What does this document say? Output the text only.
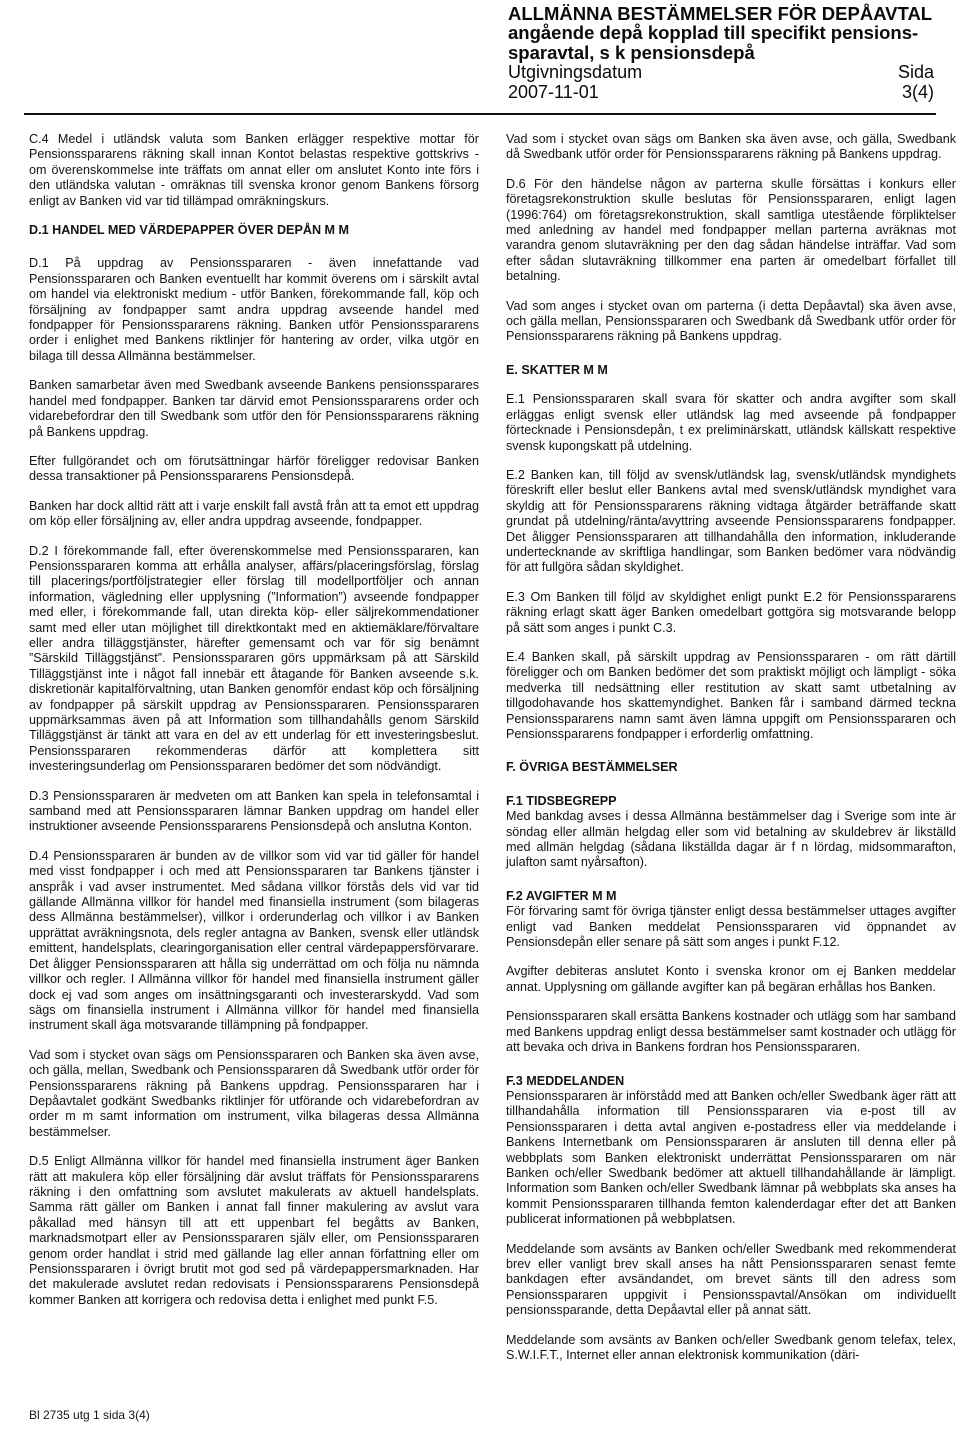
ALLMÄNNA BESTÄMMELSER FÖR DEPÅAVTAL
angående depå kopplad till specifikt pensions-
sparavtal, s k pensionsdepå
Utgivningsdatum	Sida
2007-11-01	3(4)

C.4 Medel i utländsk valuta som Banken erlägger respektive mottar för Pensionsspararens räkning skall innan Kontot belastas respektive gottskrivs - om överenskommelse inte träffats om annat eller om anslutet Konto inte förs i den utländska valutan - omräknas till svenska kronor genom Bankens försorg enligt av Banken vid var tid tillämpad omräkningskurs.

D.1 HANDEL MED VÄRDEPAPPER ÖVER DEPÅN M M

D.1 På uppdrag av Pensionsspararen - även innefattande vad Pensionsspararen och Banken eventuellt har kommit överens om i särskilt avtal om handel via elektroniskt medium - utför Banken, förekommande fall, köp och försäljning av fondpapper samt andra uppdrag avseende handel med fondpapper för Pensionsspararens räkning. Banken utför Pensionsspararens order i enlighet med Bankens riktlinjer för hantering av order, vilka utgör en bilaga till dessa Allmänna bestämmelser.

Banken samarbetar även med Swedbank avseende Bankens pensionssparares handel med fondpapper. Banken tar därvid emot Pensionsspararens order och vidarebefordrar den till Swedbank som utför den för Pensionsspararens räkning på Bankens uppdrag.

Efter fullgörandet och om förutsättningar härför föreligger redovisar Banken dessa transaktioner på Pensionsspararens Pensionsdepå.

Banken har dock alltid rätt att i varje enskilt fall avstå från att ta emot ett uppdrag om köp eller försäljning av, eller andra uppdrag avseende, fondpapper.

D.2 I förekommande fall, efter överenskommelse med Pensionsspararen, kan Pensionsspararen komma att erhålla analyser, affärs/placeringsförslag, förslag till placerings/portföljstrategier eller förslag till modellportföljer och annan information, vägledning eller upplysning (”Information”) avseende fondpapper med eller, i förekommande fall, utan direkta köp- eller säljrekommendationer samt med eller utan möjlighet till direktkontakt med en aktiemäklare/förvaltare eller andra tilläggstjänster, härefter gemensamt och var för sig benämnt ”Särskild Tilläggstjänst”. Pensionsspararen görs uppmärksam på att Särskild Tilläggstjänst inte i något fall innebär ett åtagande för Banken avseende s.k. diskretionär kapitalförvaltning, utan Banken genomför endast köp och försäljning av fondpapper på särskilt uppdrag av Pensionsspararen. Pensionsspararen uppmärksammas även på att Information som tillhandahålls genom Särskild Tilläggstjänst är tänkt att vara en del av ett underlag för ett investeringsbeslut. Pensionsspararen rekommenderas därför att komplettera sitt investeringsunderlag om Pensionsspararen bedömer det som nödvändigt.

D.3 Pensionsspararen är medveten om att Banken kan spela in telefonsamtal i samband med att Pensionsspararen lämnar Banken uppdrag om handel eller instruktioner avseende Pensionsspararens Pensionsdepå och anslutna Konton.

D.4 Pensionsspararen är bunden av de villkor som vid var tid gäller för handel med visst fondpapper i och med att Pensionsspararen tar Bankens tjänster i anspråk i vad avser instrumentet. Med sådana villkor förstås dels vid var tid gällande Allmänna villkor för handel med finansiella instrument (som bilageras dess Allmänna bestämmelser), villkor i orderunderlag och villkor i av Banken upprättat avräkningsnota, dels regler antagna av Banken, svensk eller utländsk emittent, handelsplats, clearingorganisation eller central värdepappersförvarare. Det åligger Pensionsspararen att hålla sig underrättad om och följa nu nämnda villkor och regler. I Allmänna villkor för handel med finansiella instrument gäller dock ej vad som anges om insättningsgaranti och investerarskydd. Vad som sägs om finansiella instrument i Allmänna villkor för handel med finansiella instrument skall äga motsvarande tillämpning på fondpapper.

Vad som i stycket ovan sägs om Pensionsspararen och Banken ska även avse, och gälla, mellan, Swedbank och Pensionsspararen då Swedbank utför order för Pensionsspararens räkning på Bankens uppdrag. Pensionsspararen har i Depåavtalet godkänt Swedbanks riktlinjer för utförande och vidarebefordran av order m m samt information om instrument, vilka bilageras dessa Allmänna bestämmelser.

D.5 Enligt Allmänna villkor för handel med finansiella instrument äger Banken rätt att makulera köp eller försäljning där avslut träffats för Pensionsspararens räkning i den omfattning som avslutet makulerats av aktuell handelsplats. Samma rätt gäller om Banken i annat fall finner makulering av avslut vara påkallad med hänsyn till att ett uppenbart fel begåtts av Banken, marknadsmotpart eller av Pensionsspararen själv eller, om Pensionsspararen genom order handlat i strid med gällande lag eller annan författning eller om Pensionsspararen i övrigt brutit mot god sed på värdepappersmarknaden. Har det makulerade avslutet redan redovisats i Pensionsspararens Pensionsdepå kommer Banken att korrigera och redovisa detta i enlighet med punkt F.5.

Vad som i stycket ovan sägs om Banken ska även avse, och gälla, Swedbank då Swedbank utför order för Pensionsspararens räkning på Bankens uppdrag.

D.6 För den händelse någon av parterna skulle försättas i konkurs eller företagsrekonstruktion skulle beslutas för Pensionsspararen, enligt lagen (1996:764) om företagsrekonstruktion, skall samtliga utestående förpliktelser med anledning av handel med fondpapper mellan parterna avräknas mot varandra genom slutavräkning per den dag sådan händelse inträffar. Vad som efter sådan slutavräkning tillkommer ena parten är omedelbart förfallet till betalning.

Vad som anges i stycket ovan om parterna (i detta Depåavtal) ska även avse, och gälla mellan, Pensionsspararen och Swedbank då Swedbank utför order för Pensionsspararens räkning på Bankens uppdrag.

E. SKATTER M M

E.1 Pensionsspararen skall svara för skatter och andra avgifter som skall erläggas enligt svensk eller utländsk lag med avseende på fondpapper förtecknade i Pensionsdepån, t ex preliminärskatt, utländsk källskatt respektive svensk kupongskatt på utdelning.

E.2 Banken kan, till följd av svensk/utländsk lag, svensk/utländsk myndighets föreskrift eller beslut eller Bankens avtal med svensk/utländsk myndighet vara skyldig att för Pensionsspararens räkning vidtaga åtgärder beträffande skatt grundat på utdelning/ränta/avyttring avseende Pensionsspararens fondpapper. Det åligger Pensionsspararen att tillhandahålla den information, inkluderande undertecknande av skriftliga handlingar, som Banken bedömer vara nödvändig för att fullgöra sådan skyldighet.

E.3 Om Banken till följd av skyldighet enligt punkt E.2 för Pensionsspararens räkning erlagt skatt äger Banken omedelbart gottgöra sig motsvarande belopp på sätt som anges i punkt C.3.

E.4 Banken skall, på särskilt uppdrag av Pensionsspararen - om rätt därtill föreligger och om Banken bedömer det som praktiskt möjligt och lämpligt - söka medverka till nedsättning eller restitution av skatt samt utbetalning av tillgodohavande hos skattemyndighet. Banken får i samband därmed teckna Pensionsspararens namn samt även lämna uppgift om Pensionsspararen och Pensionsspararens fondpapper i erforderlig omfattning.

F. ÖVRIGA BESTÄMMELSER
F.1 TIDSBEGREPP

Med bankdag avses i dessa Allmänna bestämmelser dag i Sverige som inte är söndag eller allmän helgdag eller som vid betalning av skuldebrev är likställd med allmän helgdag (sådana likställda dagar är f n lördag, midsommarafton, julafton samt nyårsafton).

F.2 AVGIFTER M M

För förvaring samt för övriga tjänster enligt dessa bestämmelser uttages avgifter enligt vad Banken meddelat Pensionsspararen vid öppnandet av Pensionsdepån eller senare på sätt som anges i punkt F.12.

Avgifter debiteras anslutet Konto i svenska kronor om ej Banken meddelar annat. Upplysning om gällande avgifter kan på begäran erhållas hos Banken.

Pensionsspararen skall ersätta Bankens kostnader och utlägg som har samband med Bankens uppdrag enligt dessa bestämmelser samt kostnader och utlägg för att bevaka och driva in Bankens fordran hos Pensionsspararen.

F.3 MEDDELANDEN

Pensionsspararen är införstådd med att Banken och/eller Swedbank äger rätt att tillhandahålla information till Pensionsspararen via e-post till av Pensionsspararen i detta avtal angiven e-postadress eller via meddelande i Bankens Internetbank om Pensionsspararen är ansluten till denna eller på webbplats som Banken elektroniskt underrättat Pensionsspararen om när Banken och/eller Swedbank bedömer att aktuell tillhandahållande är lämpligt. Information som Banken och/eller Swedbank lämnar på webbplats ska anses ha kommit Pensionsspararen tillhanda femton kalenderdagar efter det att Banken publicerat informationen på webbplatsen.

Meddelande som avsänts av Banken och/eller Swedbank med rekommenderat brev eller vanligt brev skall anses ha nått Pensionsspararen senast femte bankdagen efter avsändandet, om brevet sänts till den adress som Pensionsspararen uppgivit i Pensionsspavtal/Ansökan om individuellt pensionssparande, detta Depåavtal eller på annat sätt.

Meddelande som avsänts av Banken och/eller Swedbank genom telefax, telex, S.W.I.F.T., Internet eller annan elektronisk kommunikation (däri-

Bl 2735 utg 1 sida 3(4)
